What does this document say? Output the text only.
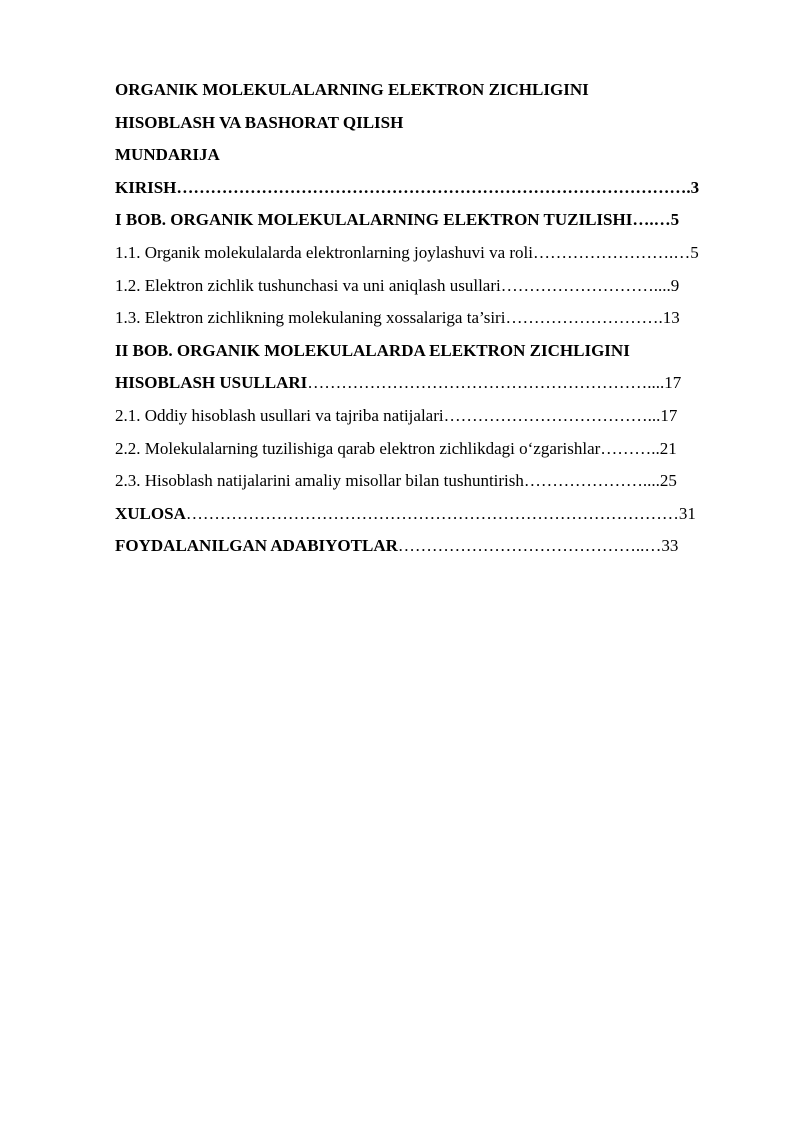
ORGANIK MOLEKULALARNING ELEKTRON ZICHLIGINI
HISOBLASH VA BASHORAT QILISH
MUNDARIJA
KIRISH……………………………………………………………………………….3
I BOB. ORGANIK MOLEKULALARNING ELEKTRON TUZILISHI….…5
1.1. Organik molekulalarda elektronlarning joylashuvi va roli…………………….…5
1.2. Elektron zichlik tushunchasi va uni aniqlash usullari………………………....9
1.3. Elektron zichlikning molekulaning xossalariga ta’siri……………………….13
II BOB. ORGANIK MOLEKULALARDA ELEKTRON ZICHLIGINI
HISOBLASH USULLARI……………………………………………………....17
2.1. Oddiy hisoblash usullari va tajriba natijalari………………………………...17
2.2. Molekulalarning tuzilishiga qarab elektron zichlikdagi o‘zgarishlar………..21
2.3. Hisoblash natijalarini amaliy misollar bilan tushuntirish…………………....25
XULOSA……………………………………………………………………………31
FOYDALANILGAN ADABIYOTLAR……………………………………..…33
